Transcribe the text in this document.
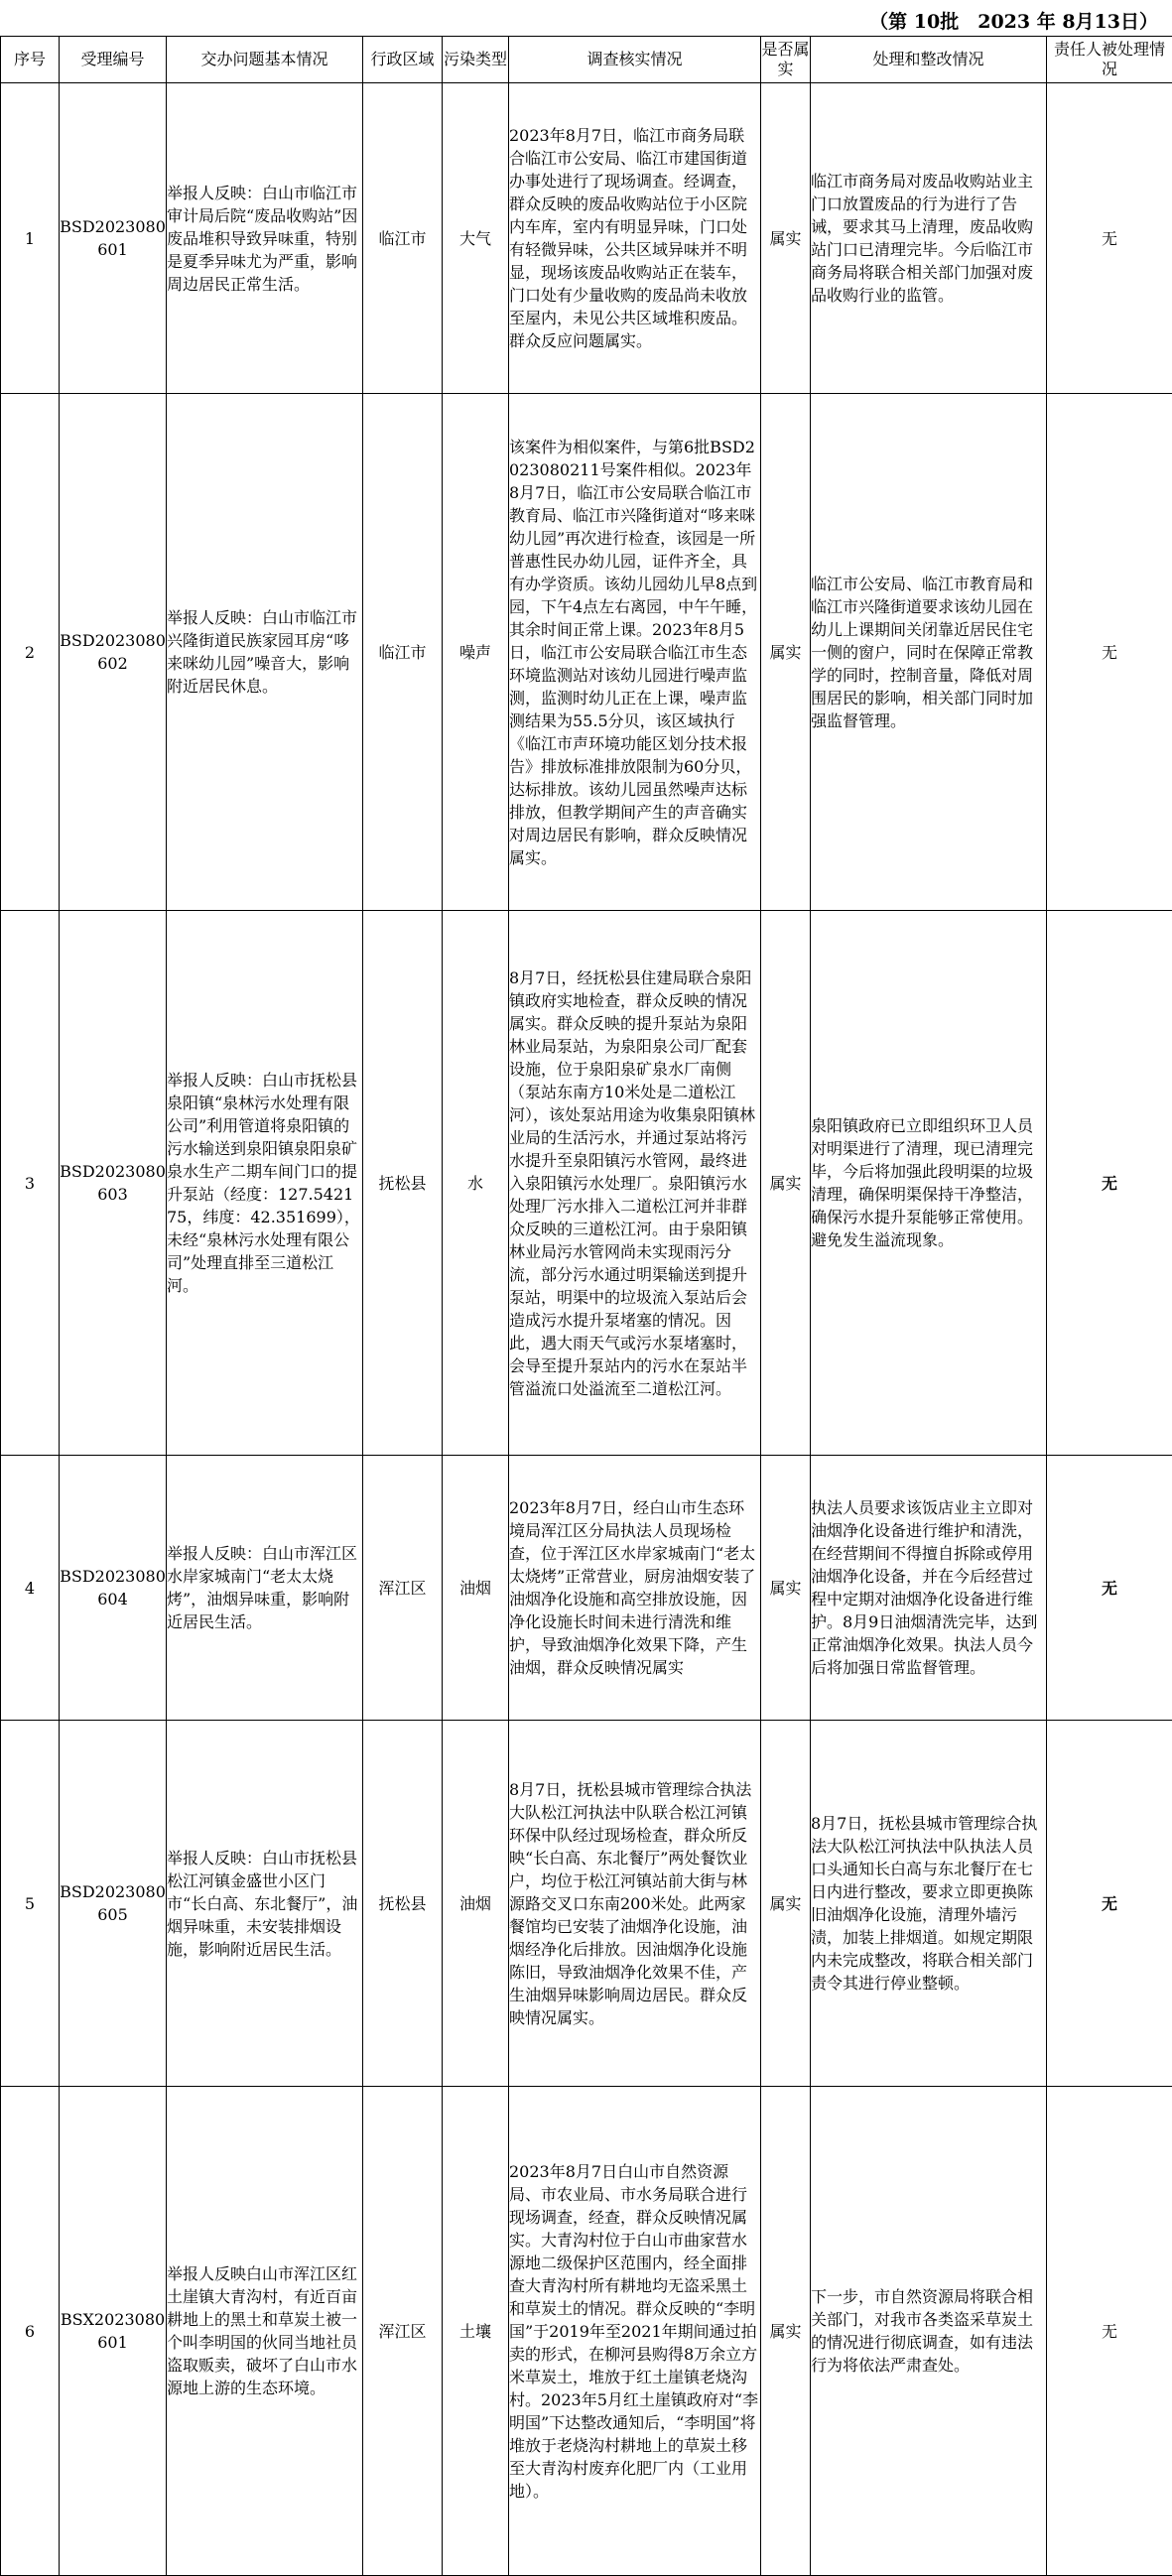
（第 10批　2023 年 8月13日）
序号	受理编号	交办问题基本情况	行政区域	污染类型	调查核实情况	是否属实	处理和整改情况	责任人被处理情况
1	BSD2023080601	举报人反映：白山市临江市审计局后院“废品收购站”因废品堆积导致异味重，特别是夏季异味尤为严重，影响周边居民正常生活。	临江市	大气	2023年8月7日，临江市商务局联合临江市公安局、临江市建国街道办事处进行了现场调查。经调查，群众反映的废品收购站位于小区院内车库，室内有明显异味，门口处有轻微异味，公共区域异味并不明显，现场该废品收购站正在装车，门口处有少量收购的废品尚未收放至屋内，未见公共区域堆积废品。群众反应问题属实。	属实	临江市商务局对废品收购站业主门口放置废品的行为进行了告诫，要求其马上清理，废品收购站门口已清理完毕。今后临江市商务局将联合相关部门加强对废品收购行业的监管。	无
2	BSD2023080602	举报人反映：白山市临江市兴隆街道民族家园耳房“哆来咪幼儿园”噪音大，影响附近居民休息。	临江市	噪声	该案件为相似案件，与第6批BSD2023080211号案件相似。2023年8月7日，临江市公安局联合临江市教育局、临江市兴隆街道对“哆来咪幼儿园”再次进行检查，该园是一所普惠性民办幼儿园，证件齐全，具有办学资质。该幼儿园幼儿早8点到园，下午4点左右离园，中午午睡，其余时间正常上课。2023年8月5日，临江市公安局联合临江市生态环境监测站对该幼儿园进行噪声监测，监测时幼儿正在上课，噪声监测结果为55.5分贝，该区域执行《临江市声环境功能区划分技术报告》排放标准排放限制为60分贝，达标排放。该幼儿园虽然噪声达标排放，但教学期间产生的声音确实对周边居民有影响，群众反映情况属实。	属实	临江市公安局、临江市教育局和临江市兴隆街道要求该幼儿园在幼儿上课期间关闭靠近居民住宅一侧的窗户，同时在保障正常教学的同时，控制音量，降低对周围居民的影响，相关部门同时加强监督管理。	无
3	BSD2023080603	举报人反映：白山市抚松县泉阳镇“泉林污水处理有限公司”利用管道将泉阳镇的污水输送到泉阳镇泉阳泉矿泉水生产二期车间门口的提升泵站（经度：127.542175，纬度：42.351699），未经“泉林污水处理有限公司”处理直排至三道松江河。	抚松县	水	8月7日，经抚松县住建局联合泉阳镇政府实地检查，群众反映的情况属实。群众反映的提升泵站为泉阳林业局泵站，为泉阳泉公司厂配套设施，位于泉阳泉矿泉水厂南侧（泵站东南方10米处是二道松江河），该处泵站用途为收集泉阳镇林业局的生活污水，并通过泵站将污水提升至泉阳镇污水管网，最终进入泉阳镇污水处理厂。泉阳镇污水处理厂污水排入二道松江河并非群众反映的三道松江河。由于泉阳镇林业局污水管网尚未实现雨污分流，部分污水通过明渠输送到提升泵站，明渠中的垃圾流入泵站后会造成污水提升泵堵塞的情况。因此，遇大雨天气或污水泵堵塞时，会导至提升泵站内的污水在泵站半管溢流口处溢流至二道松江河。	属实	泉阳镇政府已立即组织环卫人员对明渠进行了清理，现已清理完毕，今后将加强此段明渠的垃圾清理，确保明渠保持干净整洁，确保污水提升泵能够正常使用。避免发生溢流现象。	无
4	BSD2023080604	举报人反映：白山市浑江区水岸家城南门“老太太烧烤”，油烟异味重，影响附近居民生活。	浑江区	油烟	2023年8月7日，经白山市生态环境局浑江区分局执法人员现场检查，位于浑江区水岸家城南门“老太太烧烤”正常营业，厨房油烟安装了油烟净化设施和高空排放设施，因净化设施长时间未进行清洗和维护，导致油烟净化效果下降，产生油烟，群众反映情况属实	属实	执法人员要求该饭店业主立即对油烟净化设备进行维护和清洗，在经营期间不得擅自拆除或停用油烟净化设备，并在今后经营过程中定期对油烟净化设备进行维护。8月9日油烟清洗完毕，达到正常油烟净化效果。执法人员今后将加强日常监督管理。	无
5	BSD2023080605	举报人反映：白山市抚松县松江河镇金盛世小区门市“长白高、东北餐厅”，油烟异味重，未安装排烟设施，影响附近居民生活。	抚松县	油烟	8月7日，抚松县城市管理综合执法大队松江河执法中队联合松江河镇环保中队经过现场检查，群众所反映“长白高、东北餐厅”两处餐饮业户，均位于松江河镇站前大街与林源路交叉口东南200米处。此两家餐馆均已安装了油烟净化设施，油烟经净化后排放。因油烟净化设施陈旧，导致油烟净化效果不佳，产生油烟异味影响周边居民。群众反映情况属实。	属实	8月7日，抚松县城市管理综合执法大队松江河执法中队执法人员口头通知长白高与东北餐厅在七日内进行整改，要求立即更换陈旧油烟净化设施，清理外墙污渍，加装上排烟道。如规定期限内未完成整改，将联合相关部门责令其进行停业整顿。	无
6	BSX2023080601	举报人反映白山市浑江区红土崖镇大青沟村，有近百亩耕地上的黑土和草炭土被一个叫李明国的伙同当地社员盗取贩卖，破坏了白山市水源地上游的生态环境。	浑江区	土壤	2023年8月7日白山市自然资源局、市农业局、市水务局联合进行现场调查，经查，群众反映情况属实。大青沟村位于白山市曲家营水源地二级保护区范围内，经全面排查大青沟村所有耕地均无盗采黑土和草炭土的情况。群众反映的“李明国”于2019年至2021年期间通过拍卖的形式，在柳河县购得8万余立方米草炭土，堆放于红土崖镇老烧沟村。2023年5月红土崖镇政府对“李明国”下达整改通知后，“李明国”将堆放于老烧沟村耕地上的草炭土移至大青沟村废弃化肥厂内（工业用地）。	属实	下一步，市自然资源局将联合相关部门，对我市各类盗采草炭土的情况进行彻底调查，如有违法行为将依法严肃查处。	无
